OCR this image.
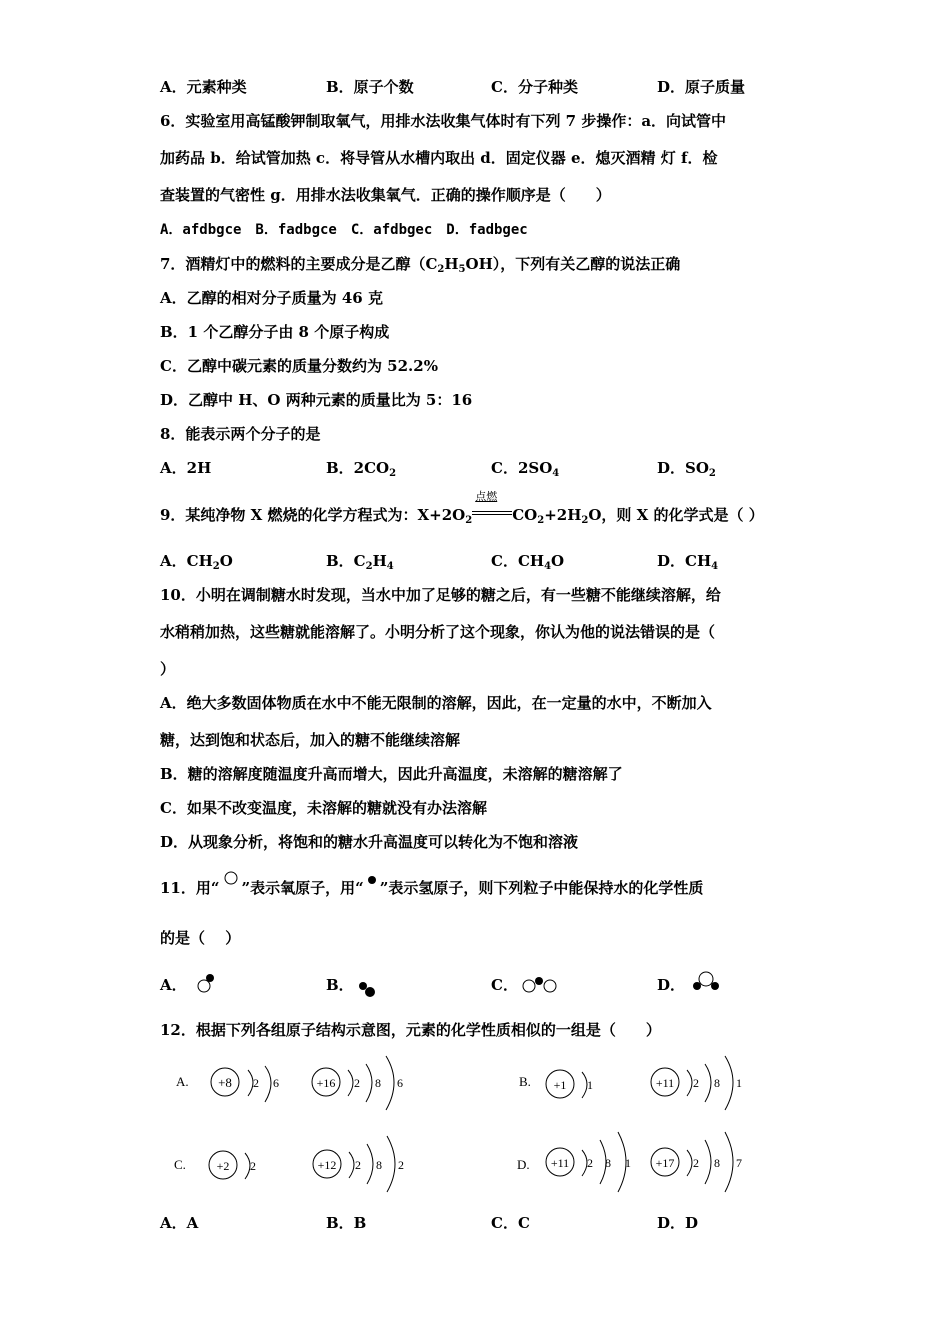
A．元素种类	B．原子个数	C．分子种类	D．原子质量
6．实验室用高锰酸钾制取氧气，用排水法收集气体时有下列 7 步操作：a．向试管中
加药品 b．给试管加热 c．将导管从水槽内取出 d．固定仪器 e．熄灭酒精 灯 f．检
查装置的气密性 g．用排水法收集氧气．正确的操作顺序是（　　）
A．afdbgce　B．fadbgce　C．afdbgec　D．fadbgec
7．酒精灯中的燃料的主要成分是乙醇$(C_2H_5OH)$，下列有关乙醇的说法正确
A．乙醇的相对分子质量为 46 克
B．1 个乙醇分子由 8 个原子构成
C．乙醇中碳元素的质量分数约为 52.2%
D．乙醇中 H、O 两种元素的质量比为 5：16
8．能表示两个分子的是
A．2H	B．$2CO_2$	C．$2SO_4$	D．$SO_2$
9．某纯净物 X 燃烧的化学方程式为：$X+2O_2$
点燃
$CO_2+2H_2O$，则 X 的化学式是（ ）
A．$CH_2O$	B．$C_2H_4$	C．$CH_4O$	D．$CH_4$
10．小明在调制糖水时发现，当水中加了足够的糖之后，有一些糖不能继续溶解，给
水稍稍加热，这些糖就能溶解了。小明分析了这个现象，你认为他的说法错误的是（
）
A．绝大多数固体物质在水中不能无限制的溶解，因此，在一定量的水中，不断加入
糖，达到饱和状态后，加入的糖不能继续溶解
B．糖的溶解度随温度升高而增大，因此升高温度，未溶解的糖溶解了
C．如果不改变温度，未溶解的糖就没有办法溶解
D．从现象分析，将饱和的糖水升高温度可以转化为不饱和溶液
11．用“ ”表示氧原子，用“ ”表示氢原子，则下列粒子中能保持水的化学性质
的是（　 ）
A．	B．	C．	D．
12．根据下列各组原子结构示意图，元素的化学性质相似的一组是（　　）
A. +8 2 6	+16 2 8 6	B. +1 1	+11 2 8 1
C.	+2 2	+12 2 8 2	D. +11 2 8 1 +17 2 8 7
A．A	B．B	C．C	D．D
